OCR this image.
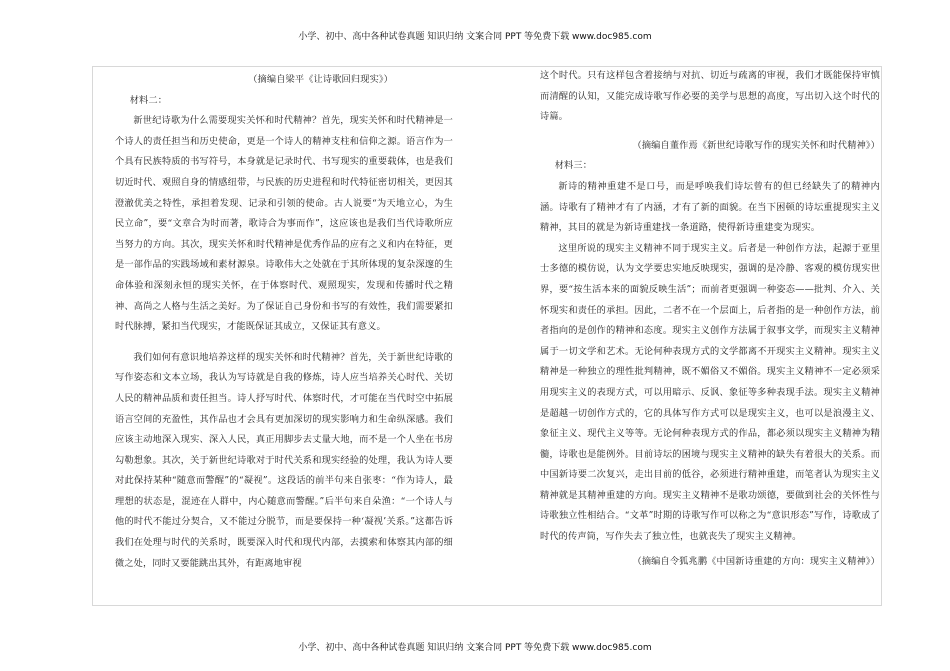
小学、初中、高中各种试卷真题 知识归纳 文案合同 PPT 等免费下载 www.doc985.com

（摘编自梁平《让诗歌回归现实》）

材料二：

新世纪诗歌为什么需要现实关怀和时代精神？首先，现实关怀和时代精神是一个诗人的责任担当和历史使命，更是一个诗人的精神支柱和信仰之源。语言作为一个具有民族特质的书写符号，本身就是记录时代、书写现实的重要载体，也是我们切近时代、观照自身的情感纽带，与民族的历史进程和时代特征密切相关，更因其澄澈优美之特性，承担着发现、记录和引领的使命。古人说要“为天地立心，为生民立命”，要“文章合为时而著，歌诗合为事而作”，这应该也是我们当代诗歌所应当努力的方向。其次，现实关怀和时代精神是优秀作品的应有之义和内在特征，更是一部作品的实践场域和素材源泉。诗歌伟大之处就在于其所体现的复杂深邃的生命体验和深刻永恒的现实关怀，在于体察时代、观照现实，发现和传播时代之精神、高尚之人格与生活之美好。为了保证自己身份和书写的有效性，我们需要紧扣时代脉搏，紧扣当代现实，才能既保证其成立，又保证其有意义。

我们如何有意识地培养这样的现实关怀和时代精神？首先，关于新世纪诗歌的写作姿态和文本立场，我认为写诗就是自我的修炼，诗人应当培养关心时代、关切人民的精神品质和责任担当。诗人抒写时代、体察时代，才可能在当代时空中拓展语言空间的充盈性，其作品也才会具有更加深切的现实影响力和生命纵深感。我们应该主动地深入现实、深入人民，真正用脚步去丈量大地，而不是一个人坐在书房勾勒想象。其次，关于新世纪诗歌对于时代关系和现实经验的处理，我认为诗人要对此保持某种“随意而警醒”的“凝视”。这段话的前半句来自张枣：“作为诗人，最理想的状态是，混迹在人群中，内心随意而警醒。”后半句来自朵渔：“一个诗人与他的时代不能过分契合，又不能过分脱节，而是要保持一种‘凝视’关系。”这都告诉我们在处理与时代的关系时，既要深入时代和现代内部，去摸索和体察其内部的细微之处，同时又要能跳出其外，有距离地审视

这个时代。只有这样包含着接纳与对抗、切近与疏离的审视，我们才既能保持审慎而清醒的认知，又能完成诗歌写作必要的美学与思想的高度，写出切入这个时代的诗篇。

（摘编自董作焉《新世纪诗歌写作的现实关怀和时代精神》）

材料三：

新诗的精神重建不是口号，而是呼唤我们诗坛曾有的但已经缺失了的精神内涵。诗歌有了精神才有了内涵，才有了新的面貌。在当下困顿的诗坛重提现实主义精神，其目的就是为新诗重建找一条道路，使得新诗重建变为现实。

这里所说的现实主义精神不同于现实主义。后者是一种创作方法，起源于亚里士多德的模仿说，认为文学要忠实地反映现实，强调的是冷静、客观的模仿现实世界，要“按生活本来的面貌反映生活”；而前者更强调一种姿态——批判、介入、关怀现实和责任的承担。因此，二者不在一个层面上，后者指的是一种创作方法，前者指向的是创作的精神和态度。现实主义创作方法属于叙事文学，而现实主义精神属于一切文学和艺术。无论何种表现方式的文学都离不开现实主义精神。现实主义精神是一种独立的理性批判精神，既不媚俗又不媚俗。现实主义精神不一定必须采用现实主义的表现方式，可以用暗示、反讽、象征等多种表现手法。现实主义精神是超越一切创作方式的，它的具体写作方式可以是现实主义，也可以是浪漫主义、象征主义、现代主义等等。无论何种表现方式的作品，都必须以现实主义精神为精髓，诗歌也是能例外。目前诗坛的困境与现实主义精神的缺失有着很大的关系。而中国新诗要二次复兴，走出目前的低谷，必须进行精神重建，而笔者认为现实主义精神就是其精神重建的方向。现实主义精神不是歌功颂德，要做到社会的关怀性与诗歌独立性相结合。“文革”时期的诗歌写作可以称之为“意识形态”写作，诗歌成了时代的传声筒，写作失去了独立性，也就丧失了现实主义精神。

（摘编自令狐兆鹏《中国新诗重建的方向：现实主义精神》）

小学、初中、高中各种试卷真题 知识归纳 文案合同 PPT 等免费下载 www.doc985.com
